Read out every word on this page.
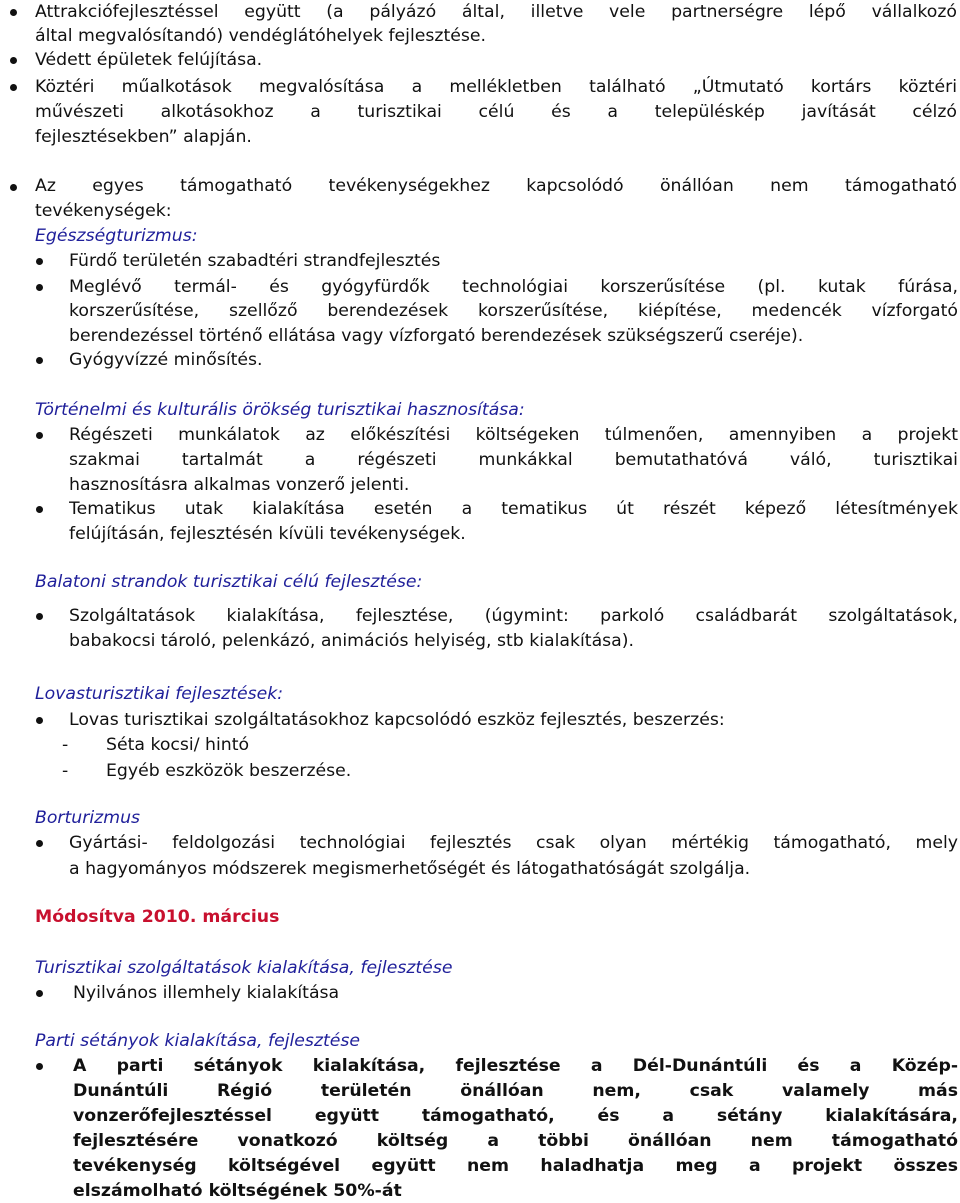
Attrakciófejlesztéssel együtt (a pályázó által, illetve vele partnerségre lépő vállalkozó
által megvalósítandó) vendéglátóhelyek fejlesztése.
Védett épületek felújítása.
Köztéri műalkotások megvalósítása a mellékletben található „Útmutató kortárs köztéri
művészeti alkotásokhoz a turisztikai célú és a településkép javítását célzó
fejlesztésekben” alapján.
Az egyes támogatható tevékenységekhez kapcsolódó önállóan nem támogatható
tevékenységek:
Egészségturizmus:
Fürdő területén szabadtéri strandfejlesztés
Meglévő termál- és gyógyfürdők technológiai korszerűsítése (pl. kutak fúrása,
korszerűsítése, szellőző berendezések korszerűsítése, kiépítése, medencék vízforgató
berendezéssel történő ellátása vagy vízforgató berendezések szükségszerű cseréje).
Gyógyvízzé minősítés.
Történelmi és kulturális örökség turisztikai hasznosítása:
Régészeti munkálatok az előkészítési költségeken túlmenően, amennyiben a projekt
szakmai tartalmát a régészeti munkákkal bemutathatóvá váló, turisztikai
hasznosításra alkalmas vonzerő jelenti.
Tematikus utak kialakítása esetén a tematikus út részét képező létesítmények
felújításán, fejlesztésén kívüli tevékenységek.
Balatoni strandok turisztikai célú fejlesztése:
Szolgáltatások kialakítása, fejlesztése, (úgymint: parkoló családbarát szolgáltatások,
babakocsi tároló, pelenkázó, animációs helyiség, stb kialakítása).
Lovasturisztikai fejlesztések:
Lovas turisztikai szolgáltatásokhoz kapcsolódó eszköz fejlesztés, beszerzés:
- Séta kocsi/ hintó
- Egyéb eszközök beszerzése.
Borturizmus
Gyártási- feldolgozási technológiai fejlesztés csak olyan mértékig támogatható, mely
a hagyományos módszerek megismerhetőségét és látogathatóságát szolgálja.
Módosítva 2010. március
Turisztikai szolgáltatások kialakítása, fejlesztése
Nyilvános illemhely kialakítása
Parti sétányok kialakítása, fejlesztése
A parti sétányok kialakítása, fejlesztése a Dél-Dunántúli és a Közép-
Dunántúli Régió területén önállóan nem, csak valamely más
vonzerőfejlesztéssel együtt támogatható, és a sétány kialakítására,
fejlesztésére vonatkozó költség a többi önállóan nem támogatható
tevékenység költségével együtt nem haladhatja meg a projekt összes
elszámolható költségének 50%-át
